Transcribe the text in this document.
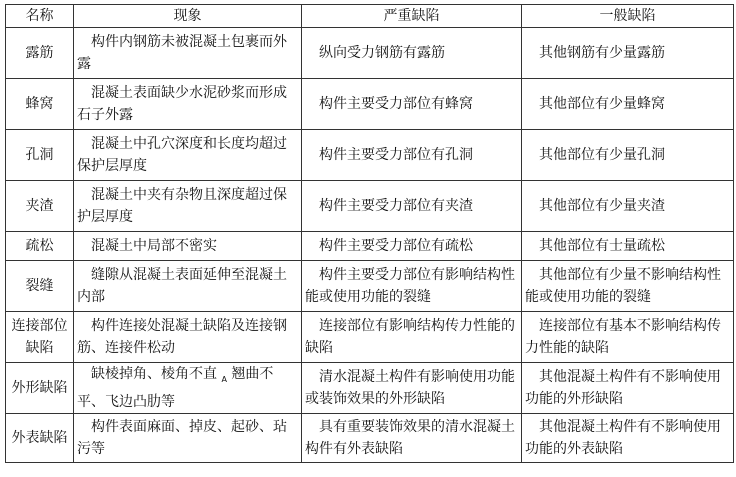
名称	现象	严重缺陷	一般缺陷
露筋	构件内钢筋未被混凝土包裹而外露	纵向受力钢筋有露筋	其他钢筋有少量露筋
蜂窝	混凝土表面缺少水泥砂浆而形成石子外露	构件主要受力部位有蜂窝	其他部位有少量蜂窝
孔洞	混凝土中孔穴深度和长度均超过保护层厚度	构件主要受力部位有孔洞	其他部位有少量孔洞
夹渣	混凝土中夹有杂物且深度超过保护层厚度	构件主要受力部位有夹渣	其他部位有少量夹渣
疏松	混凝土中局部不密实	构件主要受力部位有疏松	其他部位有士量疏松
裂缝	缝隙从混凝土表面延伸至混凝土内部	构件主要受力部位有影响结构性能或使用功能的裂缝	其他部位有少量不影响结构性能或使用功能的裂缝
连接部位缺陷	构件连接处混凝土缺陷及连接钢筋、连接件松动	连接部位有影响结构传力性能的缺陷	连接部位有基本不影响结构传力性能的缺陷
外形缺陷	缺棱掉角、棱角不直 $_A$ 翘曲不平、飞边凸肋等	清水混凝土构件有影响使用功能或装饰效果的外形缺陷	其他混凝土构件有不影响使用功能的外形缺陷
外表缺陷	构件表面麻面、掉皮、起砂、玷污等	具有重要装饰效果的清水混凝土构件有外表缺陷	其他混凝土构件有不影响使用功能的外表缺陷
